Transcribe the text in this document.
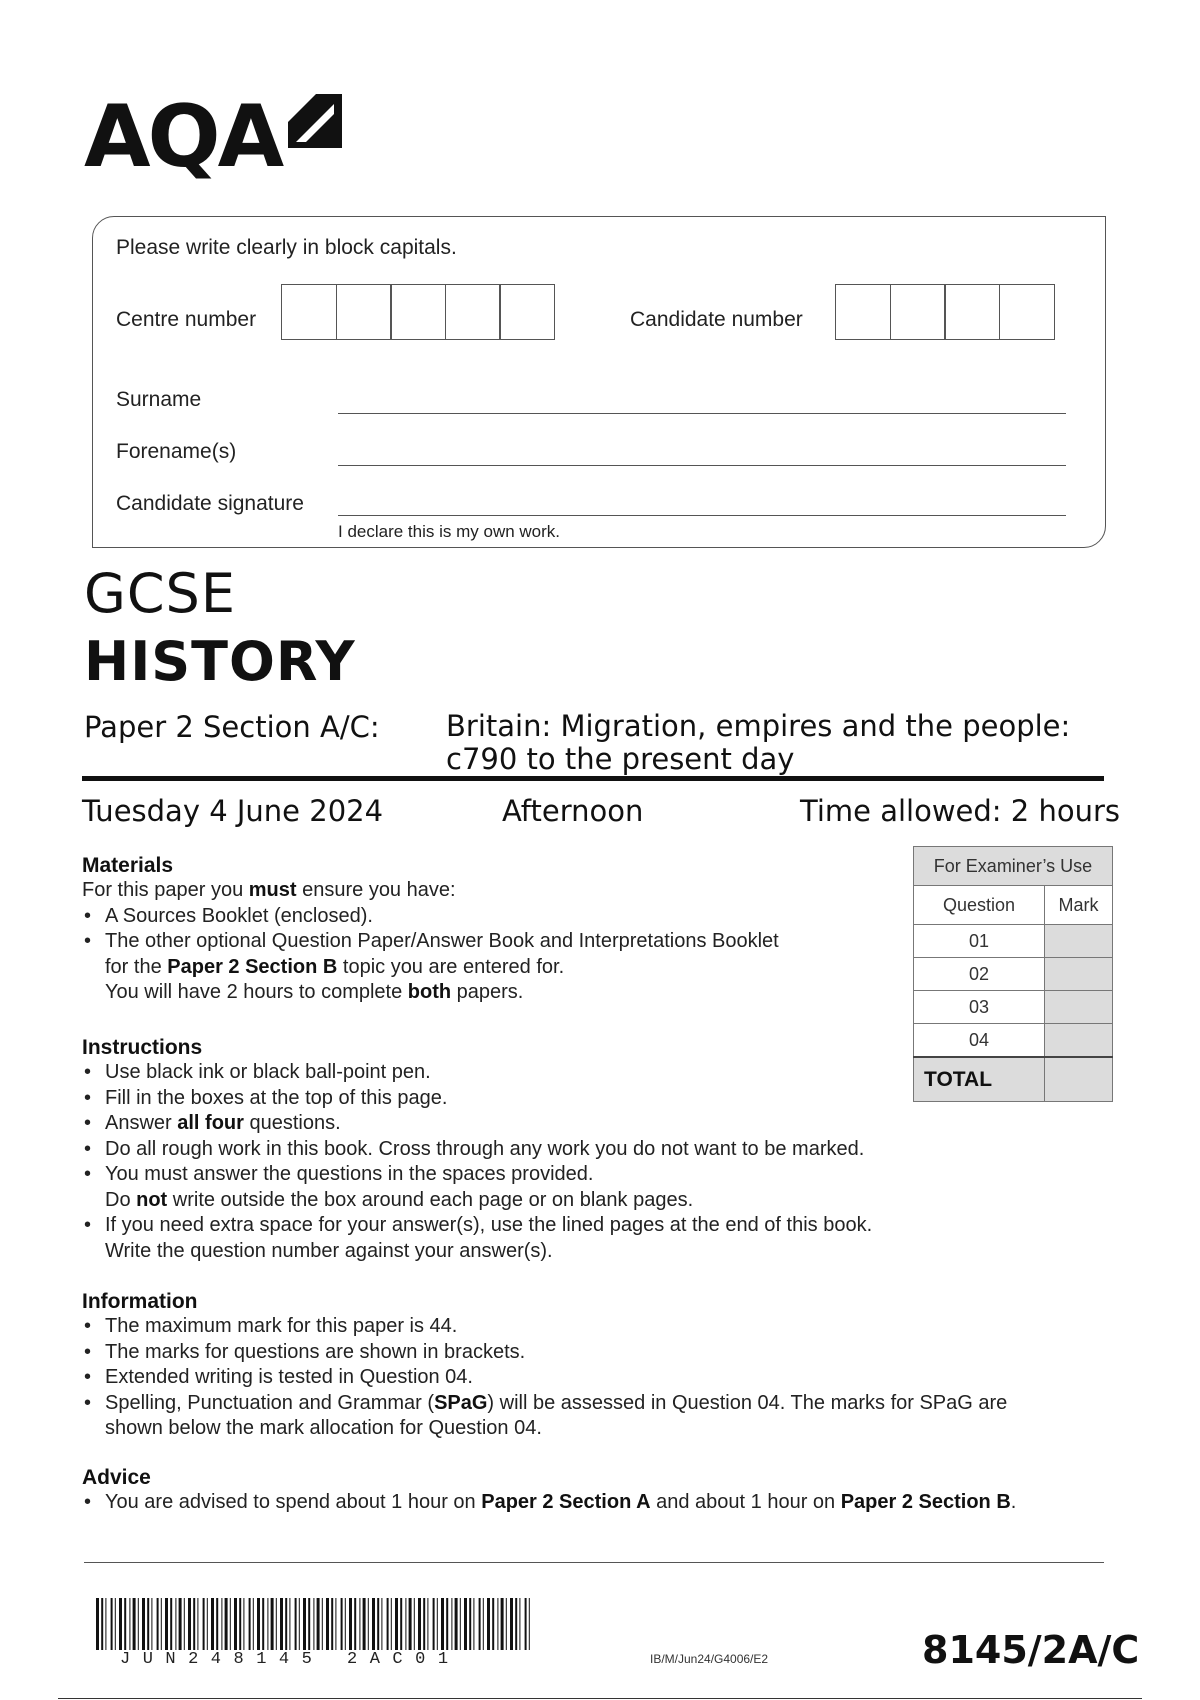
AQA
Please write clearly in block capitals.
Centre number	Candidate number
Surname
Forename(s)
Candidate signature
I declare this is my own work.
GCSE
HISTORY
Paper 2 Section A/C: Britain: Migration, empires and the people:
c790 to the present day
Tuesday 4 June 2024	Afternoon	Time allowed: 2 hours
Materials
For this paper you must ensure you have:
• A Sources Booklet (enclosed).
• The other optional Question Paper/Answer Book and Interpretations Booklet
for the Paper 2 Section B topic you are entered for.
You will have 2 hours to complete both papers.
Instructions
• Use black ink or black ball-point pen.
• Fill in the boxes at the top of this page.
• Answer all four questions.
• Do all rough work in this book. Cross through any work you do not want to be marked.
• You must answer the questions in the spaces provided.
Do not write outside the box around each page or on blank pages.
• If you need extra space for your answer(s), use the lined pages at the end of this book.
Write the question number against your answer(s).
Information
• The maximum mark for this paper is 44.
• The marks for questions are shown in brackets.
• Extended writing is tested in Question 04.
• Spelling, Punctuation and Grammar (SPaG) will be assessed in Question 04. The marks for SPaG are
shown below the mark allocation for Question 04.
Advice
• You are advised to spend about 1 hour on Paper 2 Section A and about 1 hour on Paper 2 Section B.
For Examiner’s Use	
Question	Mark
01	
02	
03	
04	
TOTAL	
JUN248145 2AC01	IB/M/Jun24/G4006/E2	8145/2A/C
